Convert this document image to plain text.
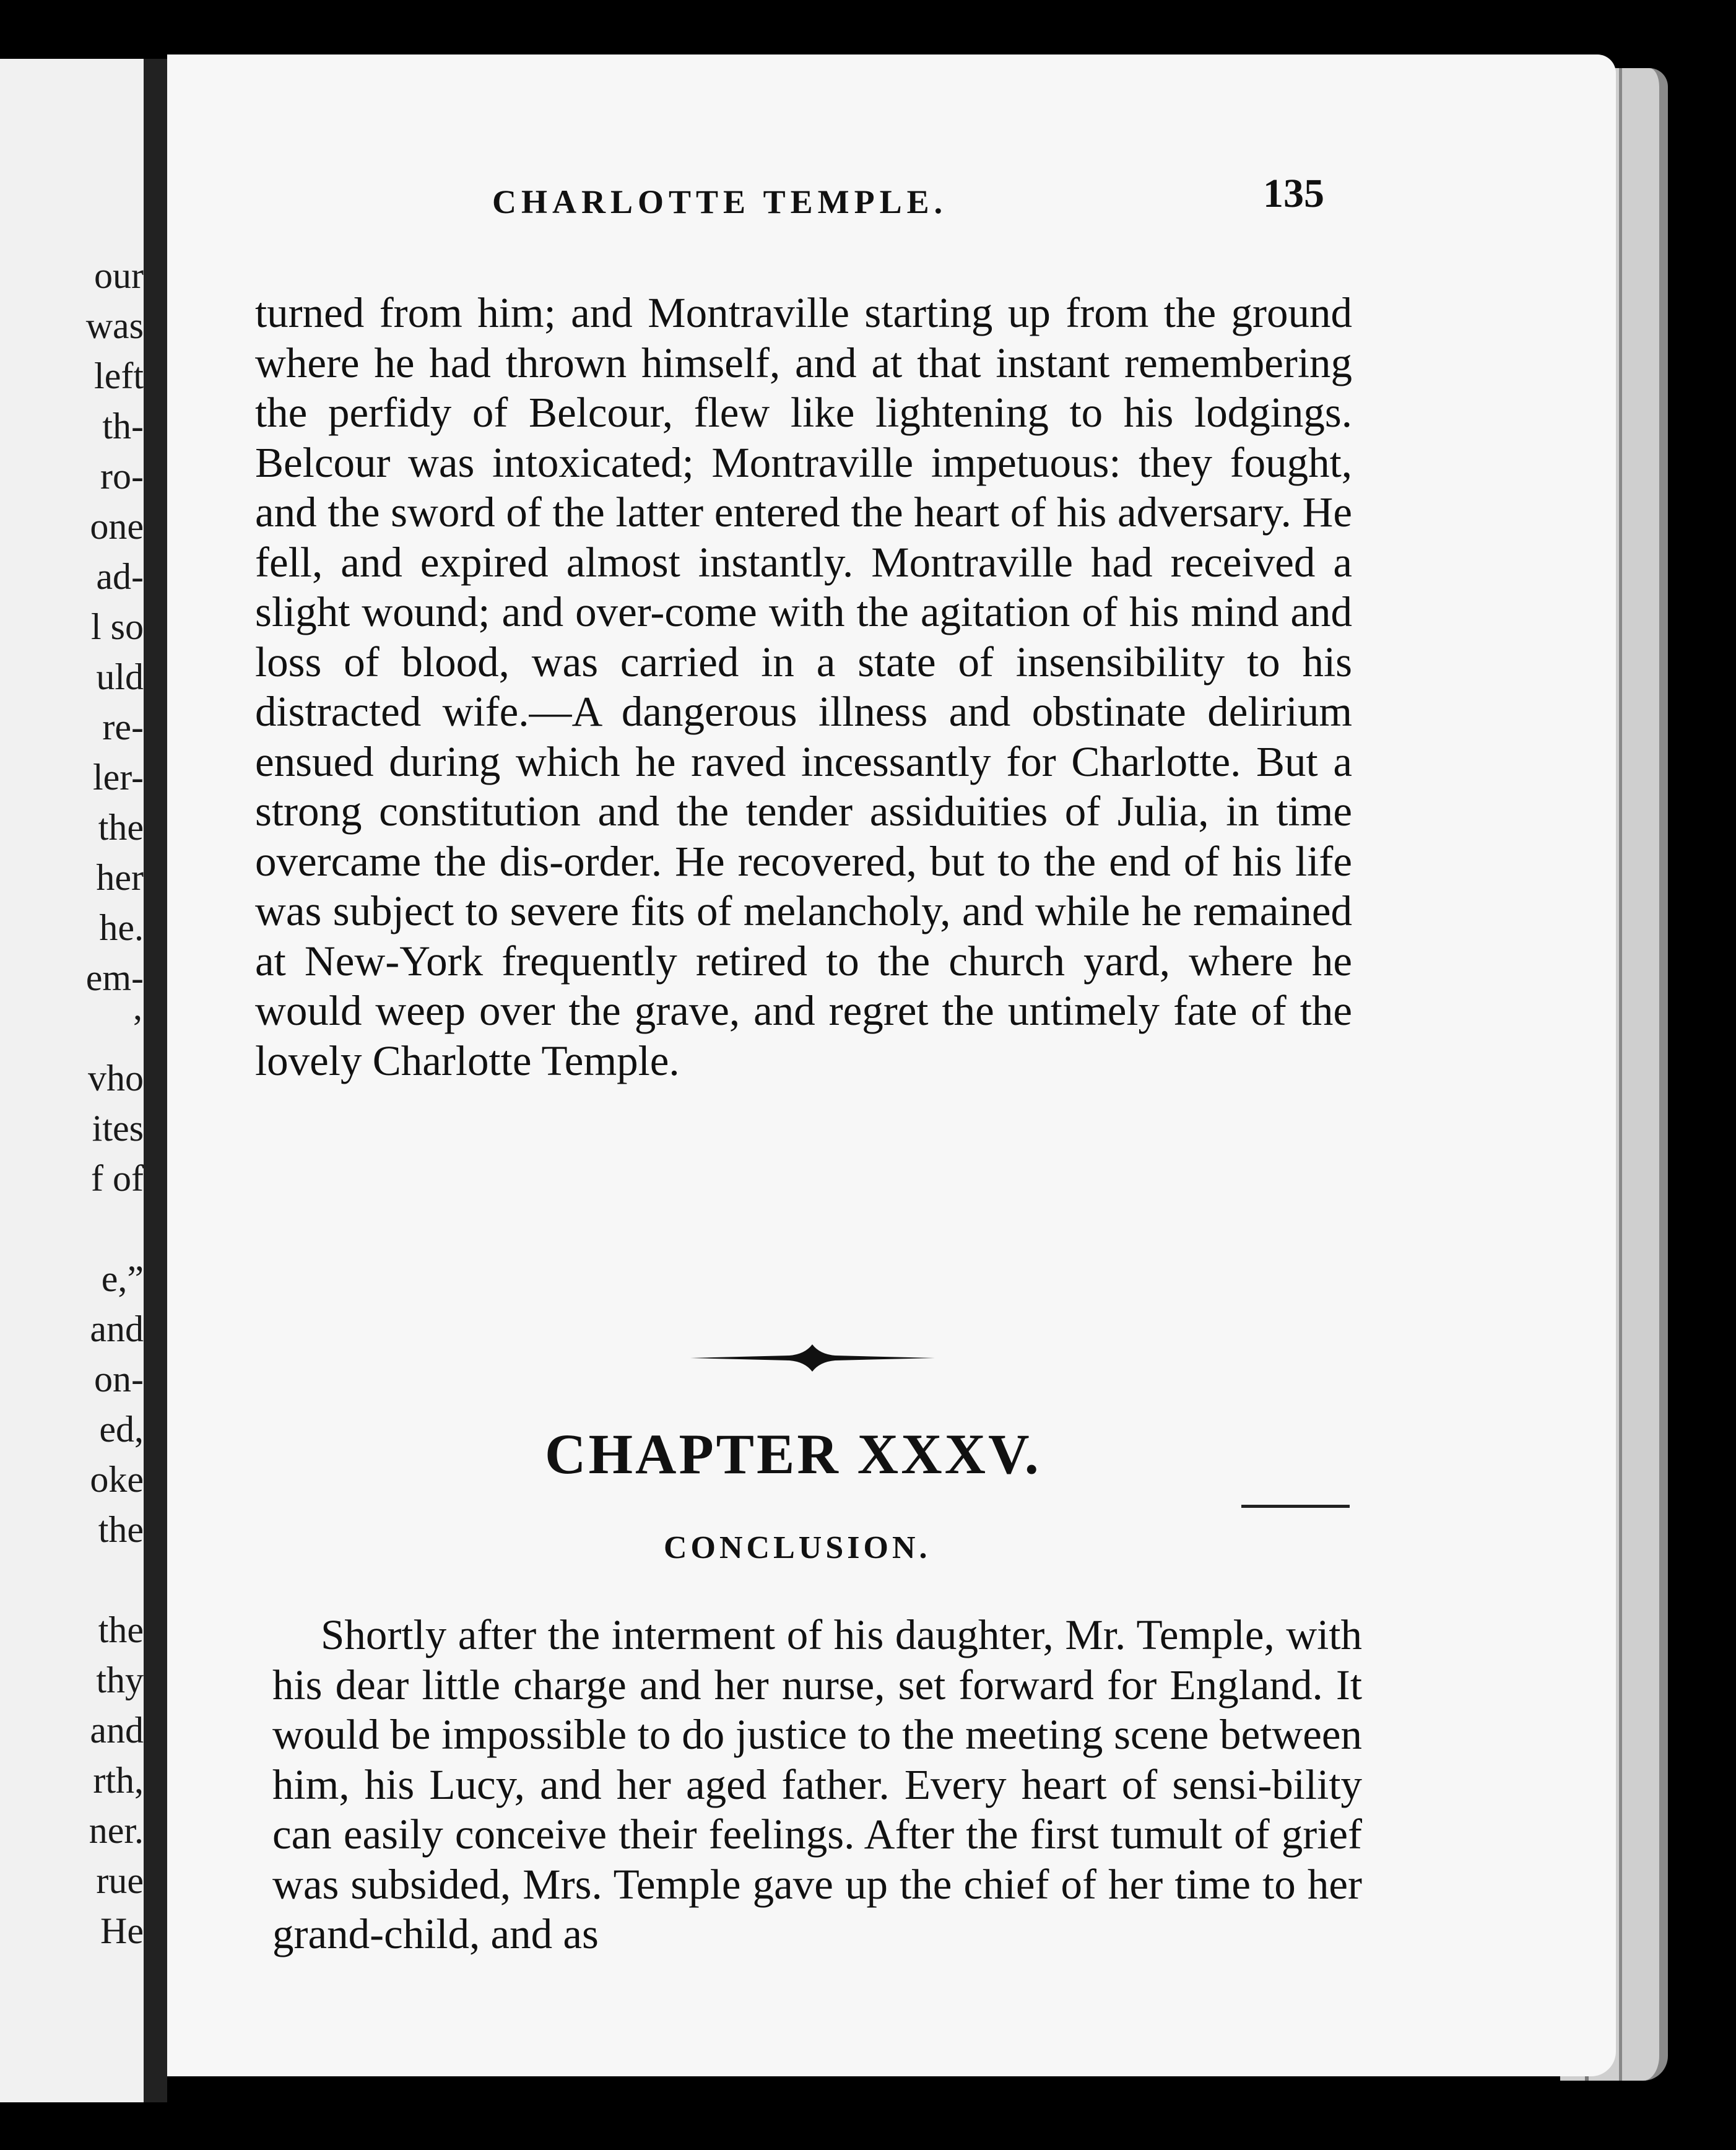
our
was
left
th-
ro-
one
ad-
l so
uld
re-
ler-
the
her
he.
em-
’
vho
ites
f of
e,”
and
on-
ed,
oke
the
the
thy
and
rth,
ner.
rue
He
CHARLOTTE TEMPLE.	135
turned from him; and Montraville starting up from the ground where he had thrown himself, and at that instant remembering the perfidy of Belcour, flew like lightening to his lodgings. Belcour was intoxicated; Montraville impetuous: they fought, and the sword of the latter entered the heart of his adversary. He fell, and expired almost instantly. Montraville had received a slight wound; and over-come with the agitation of his mind and loss of blood, was carried in a state of insensibility to his distracted wife.—A dangerous illness and obstinate delirium ensued during which he raved incessantly for Charlotte. But a strong constitution and the tender assiduities of Julia, in time overcame the dis-order. He recovered, but to the end of his life was subject to severe fits of melancholy, and while he remained at New-York frequently retired to the church yard, where he would weep over the grave, and regret the untimely fate of the lovely Charlotte Temple.
CHAPTER XXXV.
CONCLUSION.
Shortly after the interment of his daughter, Mr. Temple, with his dear little charge and her nurse, set forward for England. It would be impossible to do justice to the meeting scene between him, his Lucy, and her aged father. Every heart of sensi-bility can easily conceive their feelings. After the first tumult of grief was subsided, Mrs. Temple gave up the chief of her time to her grand-child, and as
